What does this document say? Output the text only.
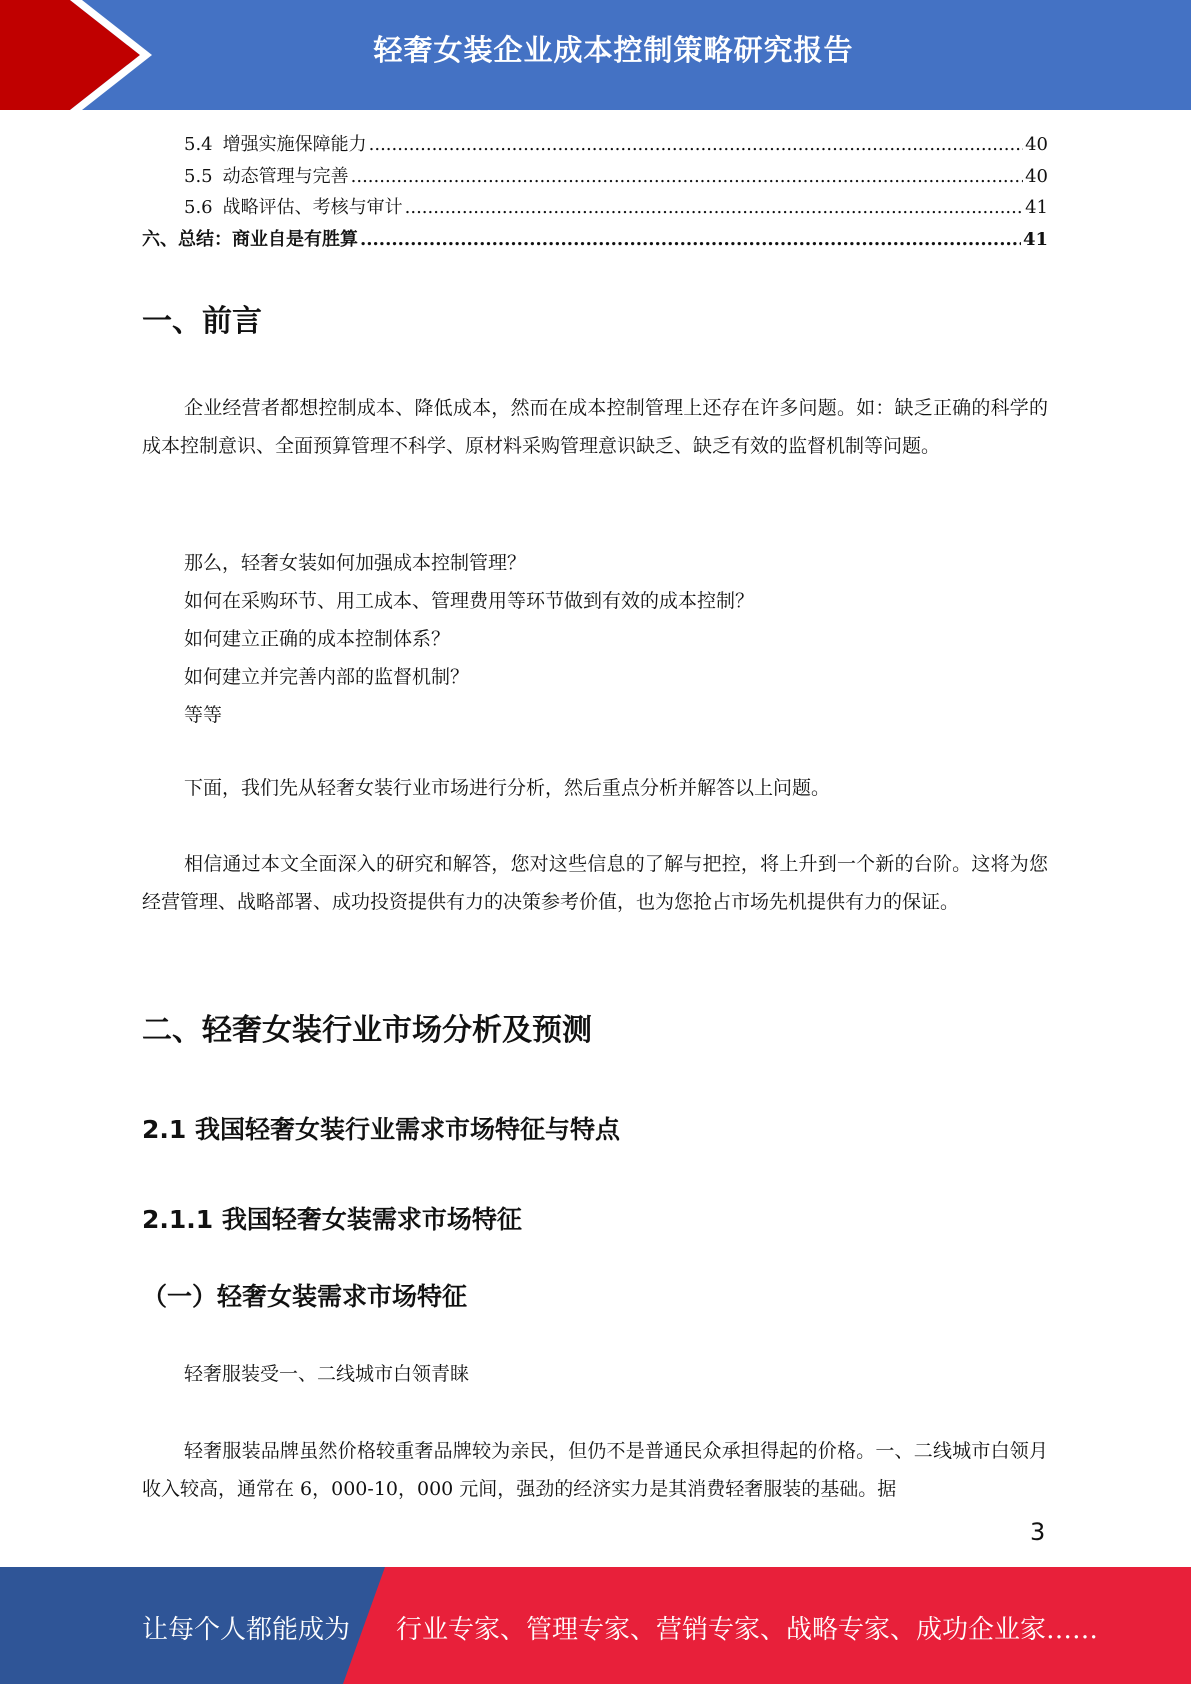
轻奢女装企业成本控制策略研究报告
5.4 增强实施保障能力 .....	40
5.5 动态管理与完善 .....	40
5.6 战略评估、考核与审计 .....	41
六、总结：商业自是有胜算 .....	41
一、前言

企业经营者都想控制成本、降低成本，然而在成本控制管理上还存在许多问题。如：缺乏正确的科学的成本控制意识、全面预算管理不科学、原材料采购管理意识缺乏、缺乏有效的监督机制等问题。

那么，轻奢女装如何加强成本控制管理？

如何在采购环节、用工成本、管理费用等环节做到有效的成本控制？

如何建立正确的成本控制体系？

如何建立并完善内部的监督机制？

等等

下面，我们先从轻奢女装行业市场进行分析，然后重点分析并解答以上问题。

相信通过本文全面深入的研究和解答，您对这些信息的了解与把控，将上升到一个新的台阶。这将为您经营管理、战略部署、成功投资提供有力的决策参考价值，也为您抢占市场先机提供有力的保证。

二、轻奢女装行业市场分析及预测
2.1 我国轻奢女装行业需求市场特征与特点
2.1.1 我国轻奢女装需求市场特征
（一）轻奢女装需求市场特征

轻奢服装受一、二线城市白领青睐

轻奢服装品牌虽然价格较重奢品牌较为亲民，但仍不是普通民众承担得起的价格。一、二线城市白领月收入较高，通常在 6，000-10，000 元间，强劲的经济实力是其消费轻奢服装的基础。据

3
让每个人都能成为 行业专家、管理专家、营销专家、战略专家、成功企业家……
